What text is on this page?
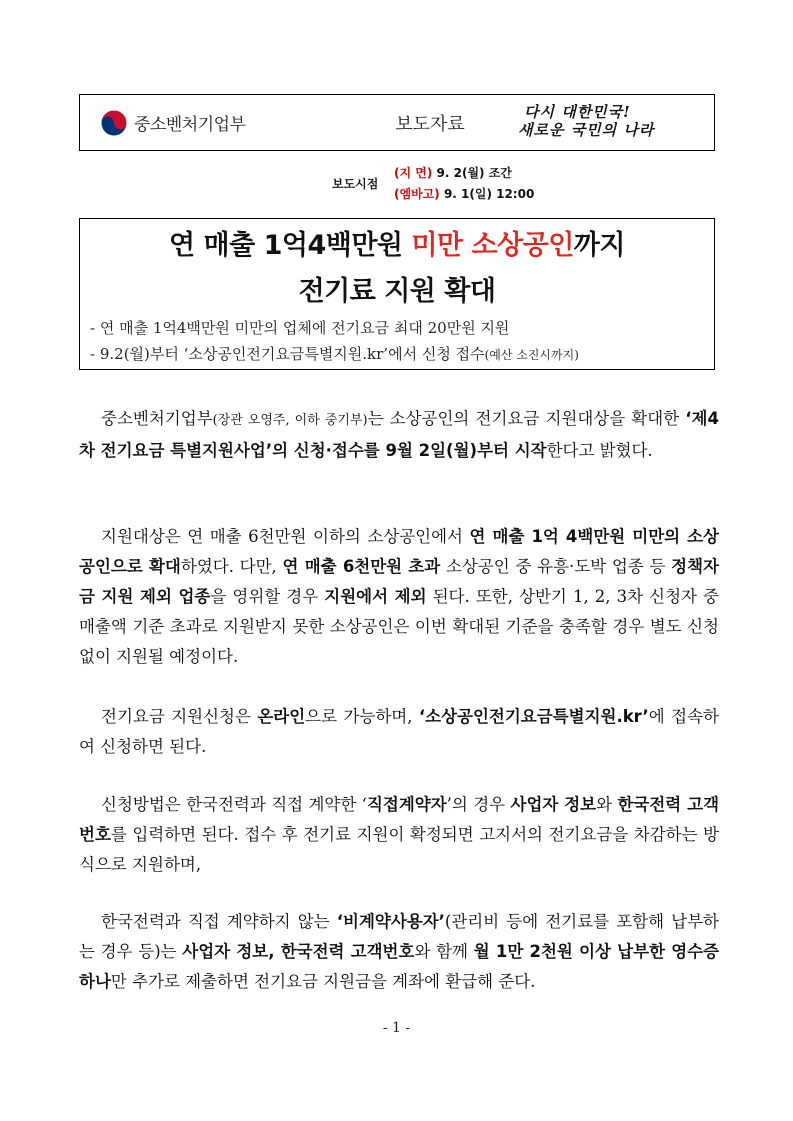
중소벤처기업부	보도자료
다시 대한민국!
새로운 국민의 나라
보도시점
(지 면) 9. 2(월) 조간
(엠바고) 9. 1(일) 12:00
연 매출 1억4백만원 미만 소상공인까지
전기료 지원 확대
- 연 매출 1억4백만원 미만의 업체에 전기요금 최대 20만원 지원
- 9.2(월)부터 ‘소상공인전기요금특별지원.kr’에서 신청 접수(예산 소진시까지)
중소벤처기업부(장관 오영주, 이하 중기부)는 소상공인의 전기요금 지원대상을 확대한 ‘제4차 전기요금 특별지원사업’의 신청·접수를 9월 2일(월)부터 시작한다고 밝혔다.
지원대상은 연 매출 6천만원 이하의 소상공인에서 연 매출 1억 4백만원 미만의 소상공인으로 확대하였다. 다만, 연 매출 6천만원 초과 소상공인 중 유흥·도박 업종 등 정책자금 지원 제외 업종을 영위할 경우 지원에서 제외 된다. 또한, 상반기 1, 2, 3차 신청자 중 매출액 기준 초과로 지원받지 못한 소상공인은 이번 확대된 기준을 충족할 경우 별도 신청 없이 지원될 예정이다.
전기요금 지원신청은 온라인으로 가능하며, ‘소상공인전기요금특별지원.kr’에 접속하여 신청하면 된다.
신청방법은 한국전력과 직접 계약한 ‘직접계약자’의 경우 사업자 정보와 한국전력 고객번호를 입력하면 된다. 접수 후 전기료 지원이 확정되면 고지서의 전기요금을 차감하는 방식으로 지원하며,
한국전력과 직접 계약하지 않는 ‘비계약사용자’(관리비 등에 전기료를 포함해 납부하는 경우 등)는 사업자 정보, 한국전력 고객번호와 함께 월 1만 2천원 이상 납부한 영수증 하나만 추가로 제출하면 전기요금 지원금을 계좌에 환급해 준다.
- 1 -
